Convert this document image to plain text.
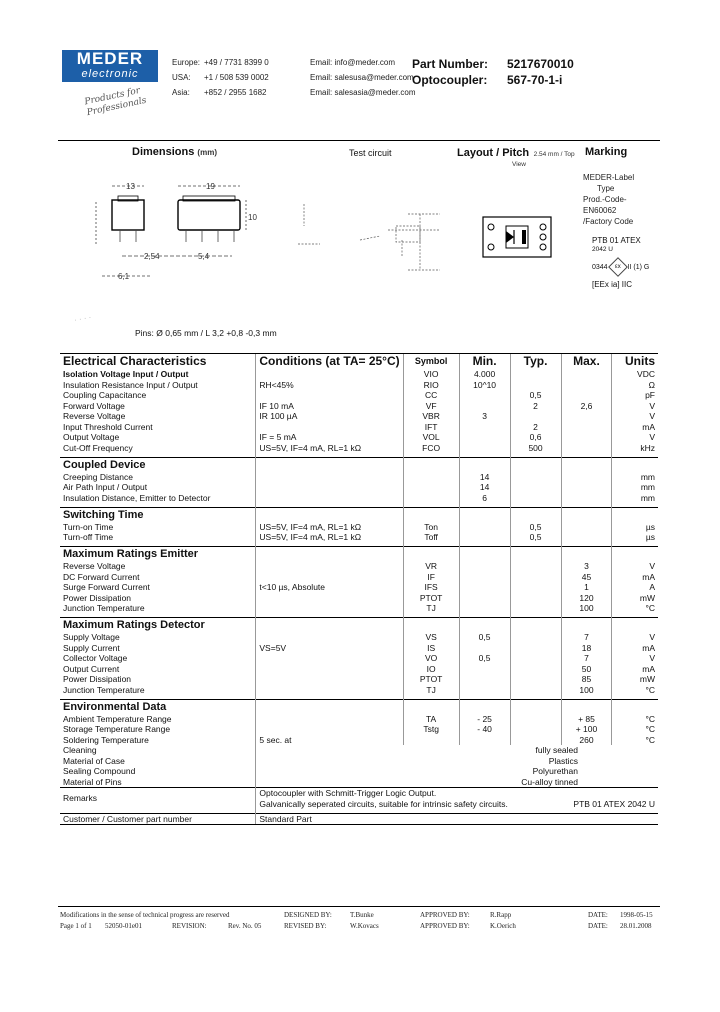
MEDER
electronic
Products for Professionals
Europe: +49 / 7731 8399 0	Email: info@meder.com
USA:	+1 / 508 539 0002	Email: salesusa@meder.com
Asia:	+852 / 2955 1682	Email: salesasia@meder.com
Part Number: 5217670010
Optocoupler: 567-70-1-i
Dimensions (mm)	Test circuit	Layout / Pitch 2.54 mm / Top
View
Marking
13	19
10
2,54	5,4
6,1
MEDER-Label
Type
Prod.-Code-
EN60062
/Factory Code
PTB 01 ATEX
2042 U
0344	εx	II (1) G
[EEx ia] IIC
· · · ·
Pins: Ø 0,65 mm / L 3,2 +0,8 -0,3 mm
Electrical Characteristics	Conditions (at TA= 25°C)	Symbol	Min.	Typ.	Max.	Units
Isolation Voltage Input / Output		VIO	4.000			VDC
Insulation Resistance Input / Output	RH<45%	RIO	10^10			Ω
Coupling Capacitance		CC		0,5		pF
Forward Voltage	IF 10 mA	VF		2	2,6	V
Reverse Voltage	IR 100 µA	VBR	3			V
Input Threshold Current		IFT		2		mA
Output Voltage	IF = 5 mA	VOL		0,6		V
Cut-Off Frequency	US=5V, IF=4 mA, RL=1 kΩ	FCO		500		kHz

Coupled Device						
Creeping Distance			14			mm
Air Path Input / Output			14			mm
Insulation Distance, Emitter to Detector			6			mm

Switching Time						
Turn-on Time	US=5V, IF=4 mA, RL=1 kΩ	Ton		0,5		µs
Turn-off Time	US=5V, IF=4 mA, RL=1 kΩ	Toff		0,5		µs

Maximum Ratings Emitter						
Reverse Voltage		VR			3	V
DC Forward Current		IF			45	mA
Surge Forward Current	t<10 µs, Absolute	IFS			1	A
Power Dissipation		PTOT			120	mW
Junction Temperature		TJ			100	°C

Maximum Ratings Detector						
Supply Voltage		VS	0,5		7	V
Supply Current	VS=5V	IS			18	mA
Collector Voltage		VO	0,5		7	V
Output Current		IO			50	mA
Power Dissipation		PTOT			85	mW
Junction Temperature		TJ			100	°C

Environmental Data						
Ambient Temperature Range		TA	- 25		+ 85	°C
Storage Temperature Range		Tstg	- 40		+ 100	°C
Soldering Temperature	5 sec. at				260	°C
Cleaning	fully sealed					
Material of Case	Plastics					
Sealing Compound	Polyurethan					
Material of Pins	Cu-alloy tinned					
Remarks	Optocoupler with Schmitt-Trigger Logic Output.
Galvanically seperated circuits, suitable for intrinsic safety circuits. PTB 01 ATEX 2042 U					

Customer / Customer part number	Standard Part					
Modifications in the sense of technical progress are reserved
Page 1 of 1 52050-01e01
DESIGNED BY:	T.Bunke	APPROVED BY:	R.Rapp	DATE: 1998-05-15
REVISION:	Rev. No. 05	REVISED BY:	W.Kovacs	APPROVED BY:	K.Oerich	DATE: 28.01.2008
